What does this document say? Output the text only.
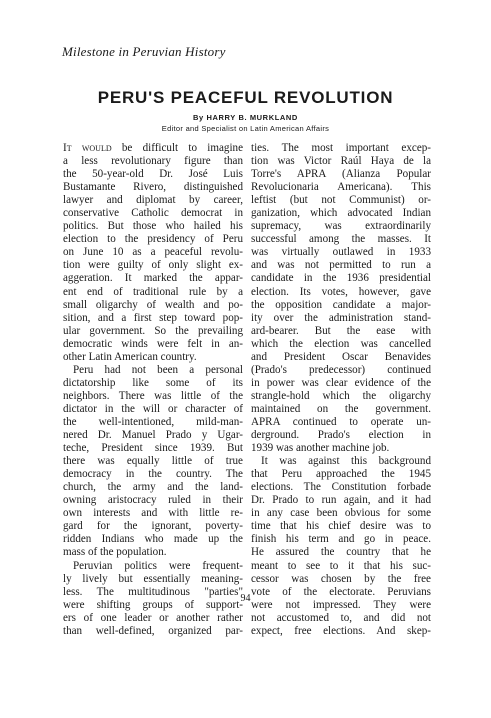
Milestone in Peruvian History
PERU'S PEACEFUL REVOLUTION
By HARRY B. MURKLAND
Editor and Specialist on Latin American Affairs
It would be difficult to imagine
a less revolutionary figure than
the 50-year-old Dr. José Luis
Bustamante Rivero, distinguished
lawyer and diplomat by career,
conservative Catholic democrat in
politics. But those who hailed his
election to the presidency of Peru
on June 10 as a peaceful revolu-
tion were guilty of only slight ex-
aggeration. It marked the appar-
ent end of traditional rule by a
small oligarchy of wealth and po-
sition, and a first step toward pop-
ular government. So the prevailing
democratic winds were felt in an-
other Latin American country.
Peru had not been a personal
dictatorship like some of its
neighbors. There was little of the
dictator in the will or character of
the well-intentioned, mild-man-
nered Dr. Manuel Prado y Ugar-
teche, President since 1939. But
there was equally little of true
democracy in the country. The
church, the army and the land-
owning aristocracy ruled in their
own interests and with little re-
gard for the ignorant, poverty-
ridden Indians who made up the
mass of the population.
Peruvian politics were frequent-
ly lively but essentially meaning-
less. The multitudinous "parties"
were shifting groups of support-
ers of one leader or another rather
than well-defined, organized par-
ties. The most important excep-
tion was Victor Raúl Haya de la
Torre's APRA (Alianza Popular
Revolucionaria Americana). This
leftist (but not Communist) or-
ganization, which advocated Indian
supremacy, was extraordinarily
successful among the masses. It
was virtually outlawed in 1933
and was not permitted to run a
candidate in the 1936 presidential
election. Its votes, however, gave
the opposition candidate a major-
ity over the administration stand-
ard-bearer. But the ease with
which the election was cancelled
and President Oscar Benavides
(Prado's predecessor) continued
in power was clear evidence of the
strangle-hold which the oligarchy
maintained on the government.
APRA continued to operate un-
derground. Prado's election in
1939 was another machine job.
It was against this background
that Peru approached the 1945
elections. The Constitution forbade
Dr. Prado to run again, and it had
in any case been obvious for some
time that his chief desire was to
finish his term and go in peace.
He assured the country that he
meant to see to it that his suc-
cessor was chosen by the free
vote of the electorate. Peruvians
were not impressed. They were
not accustomed to, and did not
expect, free elections. And skep-
94
